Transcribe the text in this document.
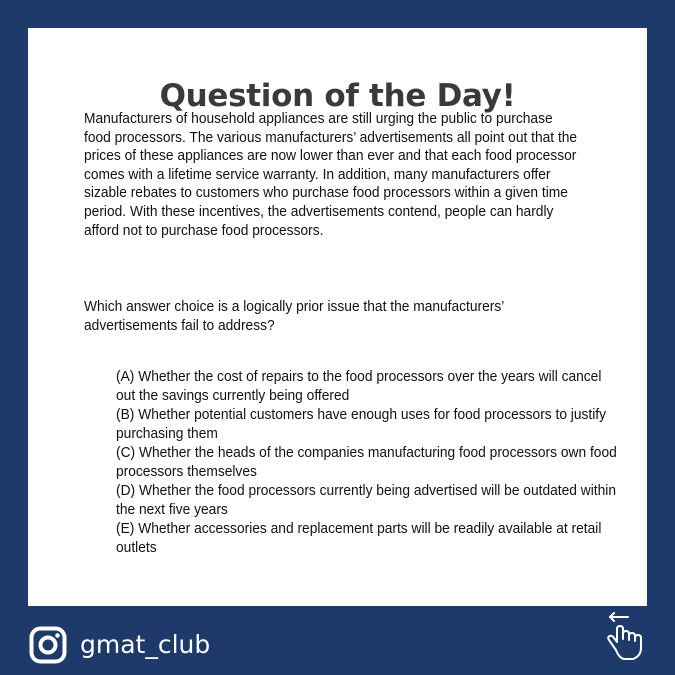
Question of the Day!

Manufacturers of household appliances are still urging the public to purchase food processors. The various manufacturers’ advertisements all point out that the prices of these appliances are now lower than ever and that each food processor comes with a lifetime service warranty. In addition, many manufacturers offer sizable rebates to customers who purchase food processors within a given time period. With these incentives, the advertisements contend, people can hardly afford not to purchase food processors.

Which answer choice is a logically prior issue that the manufacturers’ advertisements fail to address?

(A) Whether the cost of repairs to the food processors over the years will cancel out the savings currently being offered
(B) Whether potential customers have enough uses for food processors to justify purchasing them
(C) Whether the heads of the companies manufacturing food processors own food processors themselves
(D) Whether the food processors currently being advertised will be outdated within the next five years
(E) Whether accessories and replacement parts will be readily available at retail outlets
gmat_club
